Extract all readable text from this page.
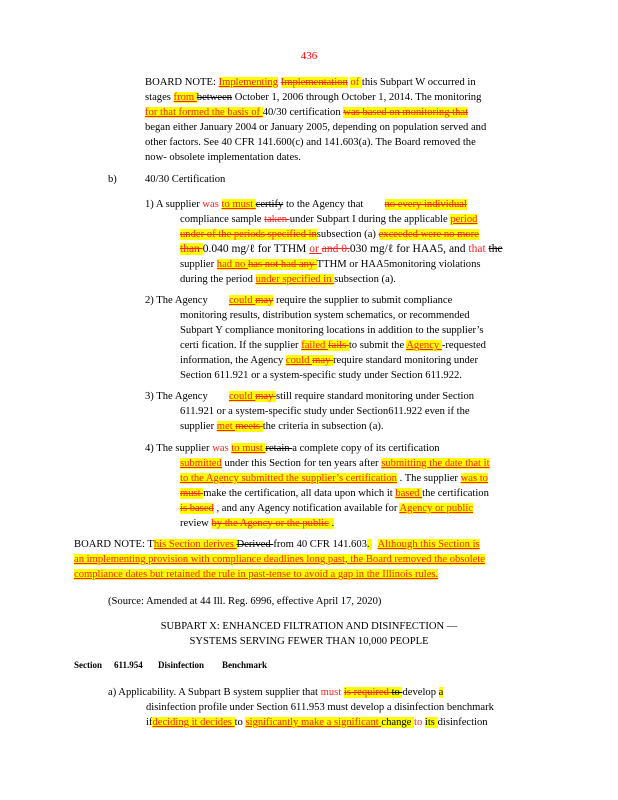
436
BOARD NOTE: Implementing Implementation of this Subpart W occurred in
stages from between October 1, 2006 through October 1, 2014. The monitoring
for that formed the basis of 40/30 certification was based on monitoring that
began either January 2004 or January 2005, depending on population served and
other factors. See 40 CFR 141.600(c) and 141.603(a). The Board removed the
now- obsolete implementation dates.
b)	40/30 Certification
1) A supplier was to must certify to the Agency that        no every individual
compliance sample taken under Subpart I during the applicable period
under of the periods specified insubsection (a) exceeded were no more
than 0.040 mg/ℓ for TTHM or and 0.030 mg/ℓ for HAA5, and that the
supplier had no has not had any TTHM or HAA5monitoring violations
during the period under specified in subsection (a).
2) The Agency        could may require the supplier to submit compliance
monitoring results, distribution system schematics, or recommended
Subpart Y compliance monitoring locations in addition to the supplier’s
certi fication. If the supplier failed fails to submit the Agency -requested
information, the Agency could may require standard monitoring under
Section 611.921 or a system-specific study under Section 611.922.
3) The Agency        could may still require standard monitoring under Section
611.921 or a system-specific study under Section611.922 even if the
supplier met meets the criteria in subsection (a).
4) The supplier was to must retain a complete copy of its certification
submitted under this Section for ten years after submitting the date that it
to the Agency submitted the supplier’s certification . The supplier was to
must make the certification, all data upon which it based the certification
is based , and any Agency notification available for Agency or public
review by the Agency or the public .
BOARD NOTE: This Section derives Derived from 40 CFR 141.603.   Although this Section is
an implementing provision with compliance deadlines long past, the Board removed the obsolete
compliance dates but retained the rule in past-tense to avoid a gap in the Illinois rules.
(Source: Amended at 44 Ill. Reg. 6996, effective April 17, 2020)
SUBPART X: ENHANCED FILTRATION AND DISINFECTION —
SYSTEMS SERVING FEWER THAN 10,000 PEOPLE
Section 611.954 Disinfection Benchmark
a) Applicability. A Subpart B system supplier that must is required to develop a
disinfection profile under Section 611.953 must develop a disinfection benchmark
ifdeciding it decides to significantly make a significant change to its disinfection
